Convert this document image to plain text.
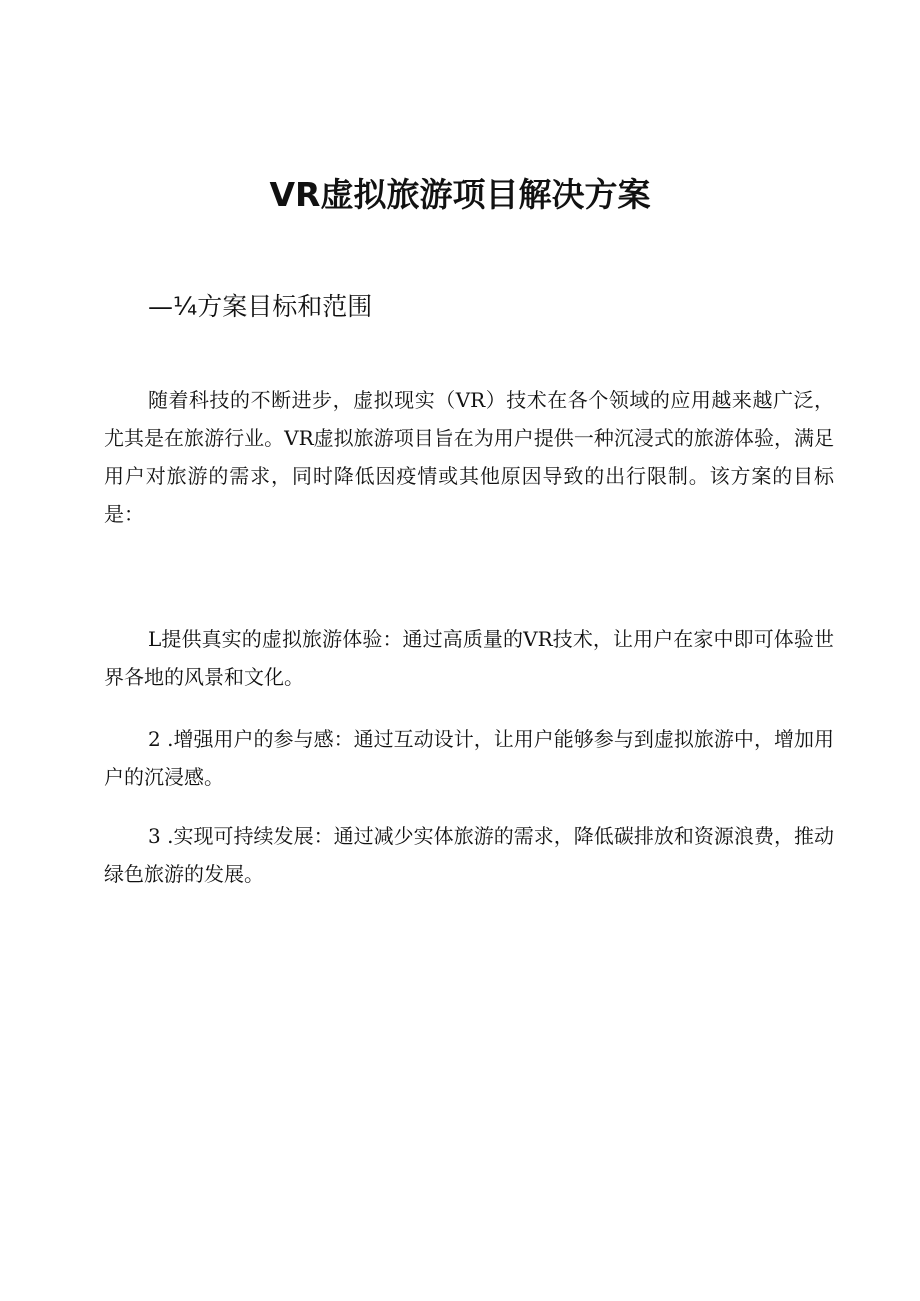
VR虚拟旅游项目解决方案
—¼方案目标和范围

随着科技的不断进步，虚拟现实（VR）技术在各个领域的应用越来越广泛，尤其是在旅游行业。VR虚拟旅游项目旨在为用户提供一种沉浸式的旅游体验，满足用户对旅游的需求，同时降低因疫情或其他原因导致的出行限制。该方案的目标是：

L提供真实的虚拟旅游体验：通过高质量的VR技术，让用户在家中即可体验世界各地的风景和文化。

2 .增强用户的参与感：通过互动设计，让用户能够参与到虚拟旅游中，增加用户的沉浸感。

3 .实现可持续发展：通过减少实体旅游的需求，降低碳排放和资源浪费，推动绿色旅游的发展。
